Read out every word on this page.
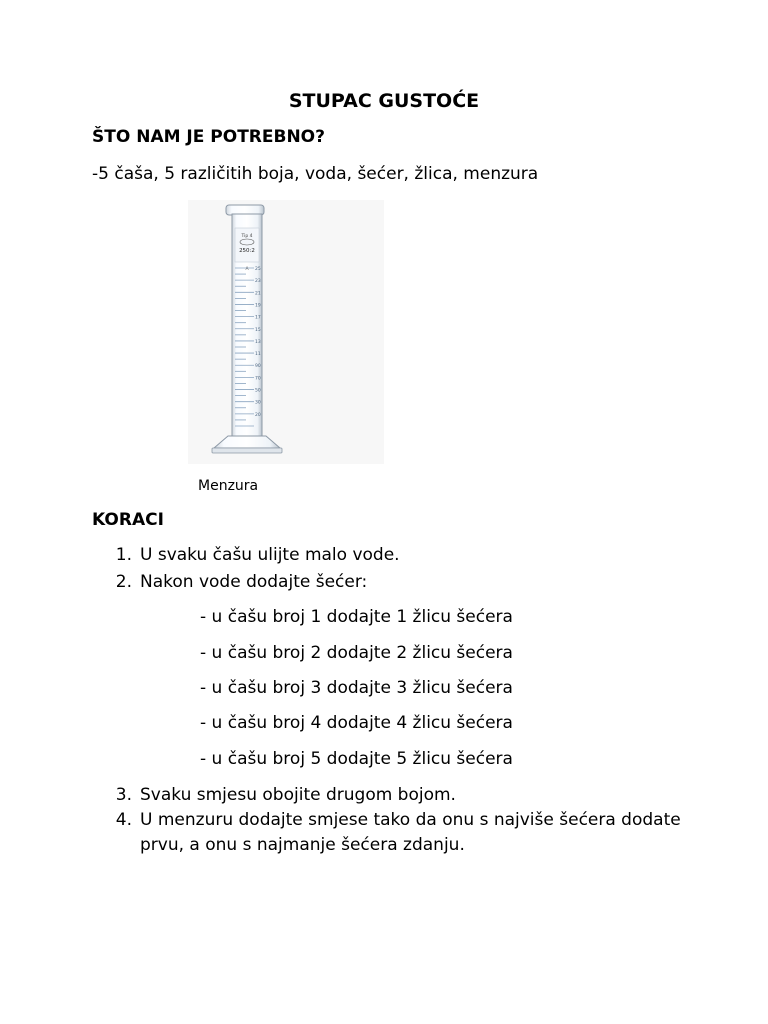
STUPAC GUSTOĆE
ŠTO NAM JE POTREBNO?
-5 čaša, 5 različitih boja, voda, šećer, žlica, menzura
Tip 4
250:2
A 25
23
21
19
17
15
13
11
90
70
50
30
20
Menzura
KORACI
1. U svaku čašu ulijte malo vode.
2. Nakon vode dodajte šećer:
- u čašu broj 1 dodajte 1 žlicu šećera
- u čašu broj 2 dodajte 2 žlicu šećera
- u čašu broj 3 dodajte 3 žlicu šećera
- u čašu broj 4 dodajte 4 žlicu šećera
- u čašu broj 5 dodajte 5 žlicu šećera
3. Svaku smjesu obojite drugom bojom.
4. U menzuru dodajte smjese tako da onu s najviše šećera dodate
prvu, a onu s najmanje šećera zdanju.
